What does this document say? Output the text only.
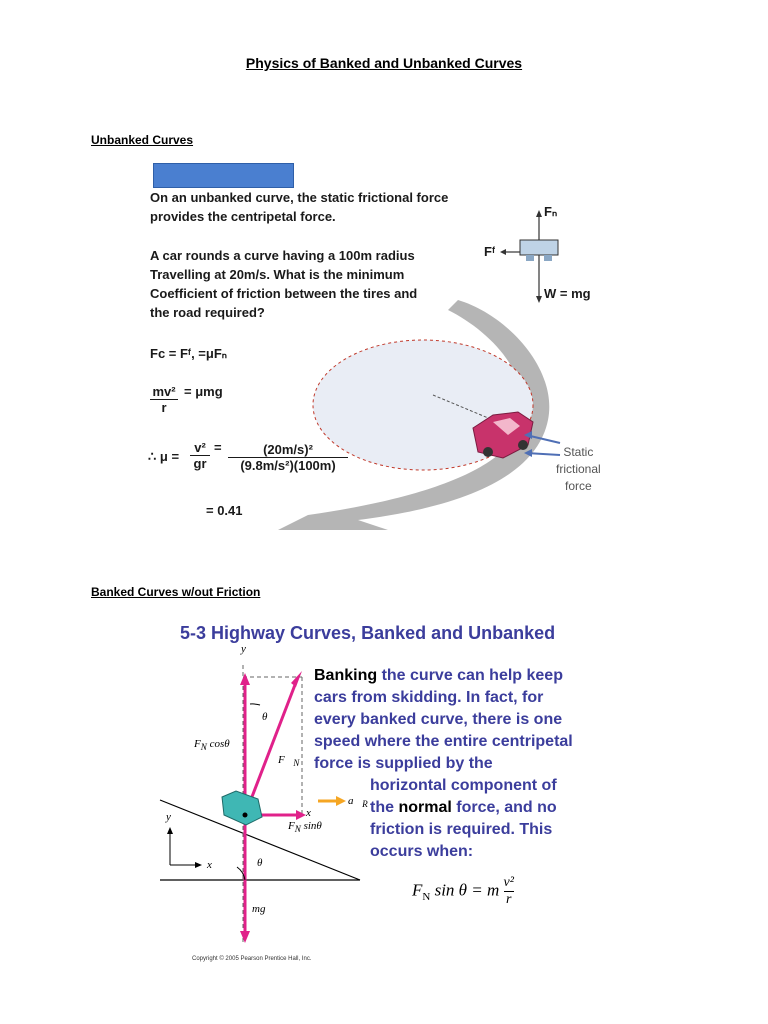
Physics of Banked and Unbanked Curves
Unbanked Curves
On an unbanked curve, the static frictional force
provides the centripetal force.
A car rounds a curve having a 100m radius
Travelling at 20m/s. What is the minimum
Coefficient of friction between the tires and
the road required?
Fₙ
Fᶠ
W = mg
Fᴄ = Fᶠ, =μFₙ
$\frac{\text{mv²}}{r} = \mu mg$
∴ $\mu = \frac{\text{v²}}{gr} = \frac{\text{(20m/s)²}}{\text{(9.8m/s²)(100m)}}$
= 0.41
Static
frictional
force
Banked Curves w/out Friction
5-3 Highway Curves, Banked and Unbanked
y
θ
$F_N$ cosθ
$F⃗_N$
$a⃗_R$
x
$F_N$ sinθ
y
x	θ
mg⃗
Banking the curve can help keep
cars from skidding. In fact, for
every banked curve, there is one
speed where the entire centripetal
force is supplied by the
horizontal component of
the normal force, and no
friction is required. This
occurs when:
$F_N$ sin θ = m $\frac{\text{v²}}{r}$
Copyright © 2005 Pearson Prentice Hall, Inc.
